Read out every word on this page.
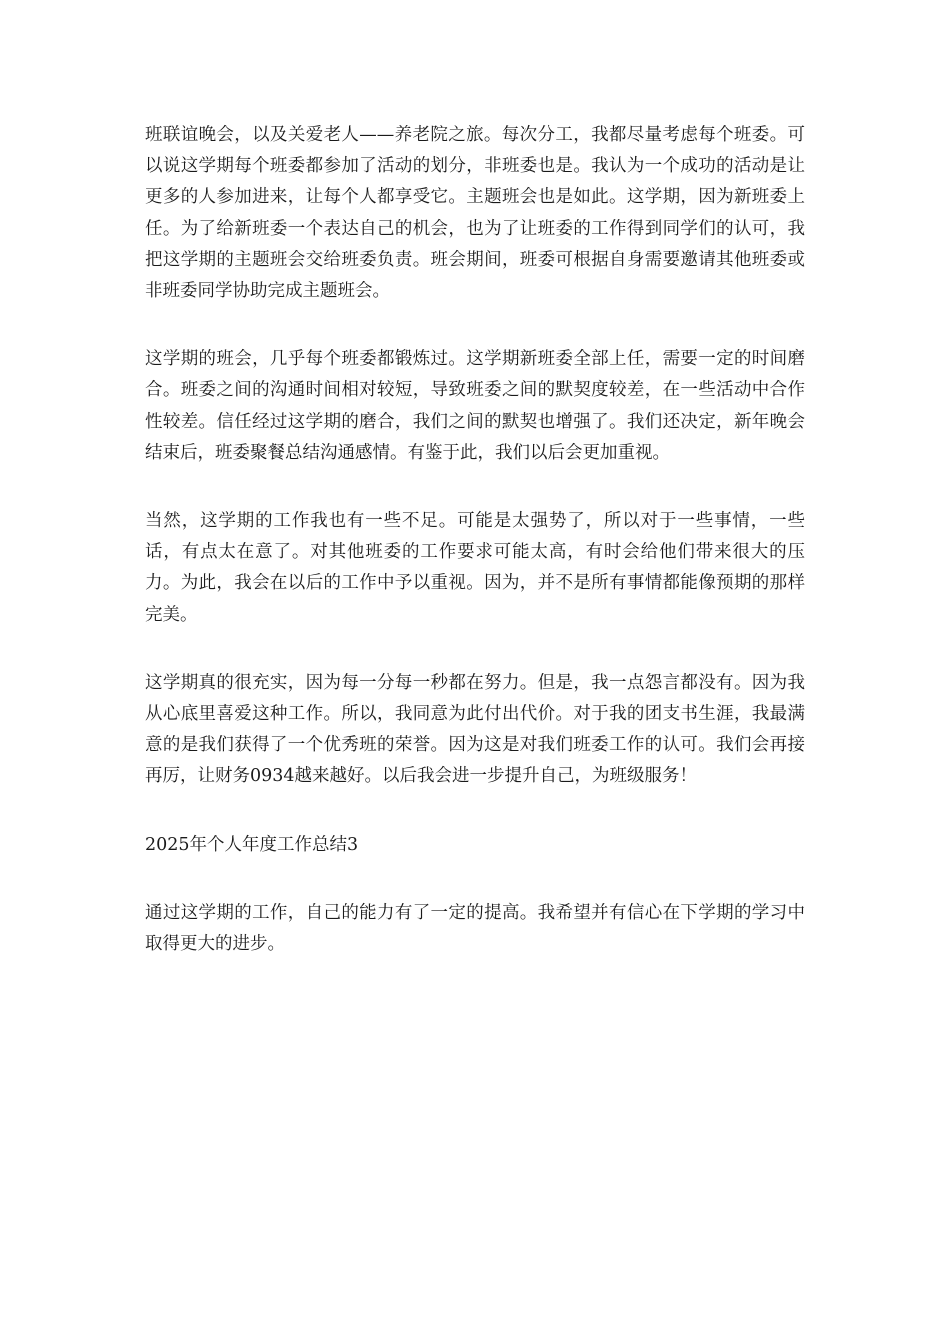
班联谊晚会，以及关爱老人——养老院之旅。每次分工，我都尽量考虑每个班委。可以说这学期每个班委都参加了活动的划分，非班委也是。我认为一个成功的活动是让更多的人参加进来，让每个人都享受它。主题班会也是如此。这学期，因为新班委上任。为了给新班委一个表达自己的机会，也为了让班委的工作得到同学们的认可，我把这学期的主题班会交给班委负责。班会期间，班委可根据自身需要邀请其他班委或非班委同学协助完成主题班会。

这学期的班会，几乎每个班委都锻炼过。这学期新班委全部上任，需要一定的时间磨合。班委之间的沟通时间相对较短，导致班委之间的默契度较差，在一些活动中合作性较差。信任经过这学期的磨合，我们之间的默契也增强了。我们还决定，新年晚会结束后，班委聚餐总结沟通感情。有鉴于此，我们以后会更加重视。

当然，这学期的工作我也有一些不足。可能是太强势了，所以对于一些事情，一些话，有点太在意了。对其他班委的工作要求可能太高，有时会给他们带来很大的压力。为此，我会在以后的工作中予以重视。因为，并不是所有事情都能像预期的那样完美。

这学期真的很充实，因为每一分每一秒都在努力。但是，我一点怨言都没有。因为我从心底里喜爱这种工作。所以，我同意为此付出代价。对于我的团支书生涯，我最满意的是我们获得了一个优秀班的荣誉。因为这是对我们班委工作的认可。我们会再接再厉，让财务0934越来越好。以后我会进一步提升自己，为班级服务！

2025年个人年度工作总结3

通过这学期的工作，自己的能力有了一定的提高。我希望并有信心在下学期的学习中取得更大的进步。
